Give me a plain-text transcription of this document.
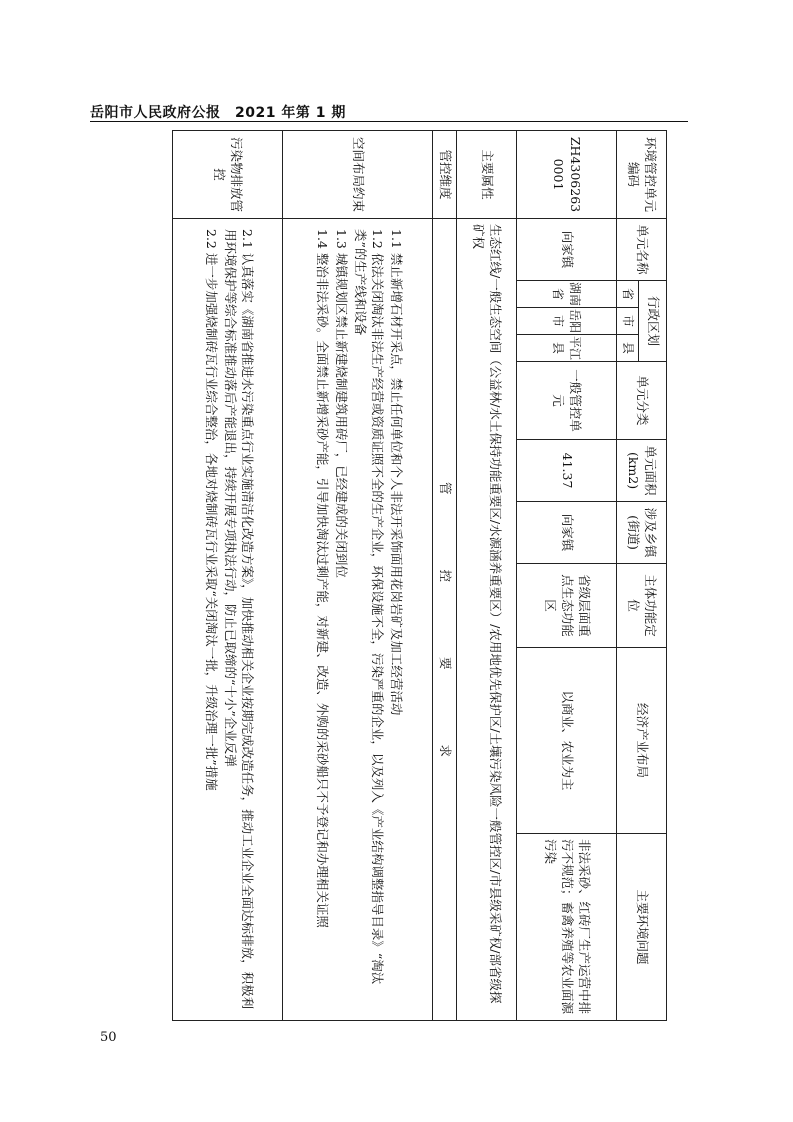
岳阳市人民政府公报　2021 年第 1 期
环境管控单元编码	单元名称	行政区划			单元分类	单元面积(km2)	涉及乡镇(街道)	主体功能定位	经济产业布局	主要环境问题
		省	市	县						
ZH43062630001	向家镇	湖南省	岳阳市	平江县	一般管控单元	41.37	向家镇	省级层面重点生态功能区	以商业、农业为主	非法采砂、红砖厂生产运营中排污不规范；畜禽养殖等农业面源污染
主要属性	生态红线/一般生态空间（公益林/水土保持功能重要区/水源涵养重要区）/农用地优先保护区/土壤污染风险一般管控区/市县级采矿权/部省级探矿权									
管控维度	管　　　　　　控　　　　　　要　　　　　　求									
空间布局约束	1.1 禁止新增石材开采点，禁止任何单位和个人非法开采饰面用花岗岩矿及加工经营活动

1.2 依法关闭淘汰非法生产经营或资质证照不全的生产企业，环保设施不全，污染严重的企业，以及列入《产业结构调整指导目录》“淘汰类”的生产线和设备

1.3 城镇规划区禁止新建烧制建筑用砖厂，已经建成的关闭到位

1.4 整治非法采砂。全面禁止新增采砂产能，引导加快淘汰过剩产能，对新建、改造、外购的采砂船只不予登记和办理相关证照									

污染物排放管控	2.1 认真落实《湖南省推进水污染重点行业实施清洁化改造方案》，加快推动相关企业按期完成改造任务，推动工业企业全面达标排放，积极利用环境保护等综合标准推动落后产能退出，持续开展专项执法行动，防止已取缔的“十小”企业反弹

2.2 进一步加强烧制砖瓦行业综合整治，各地对烧制砖瓦行业采取“关闭淘汰一批，升级治理一批”措施									

50
